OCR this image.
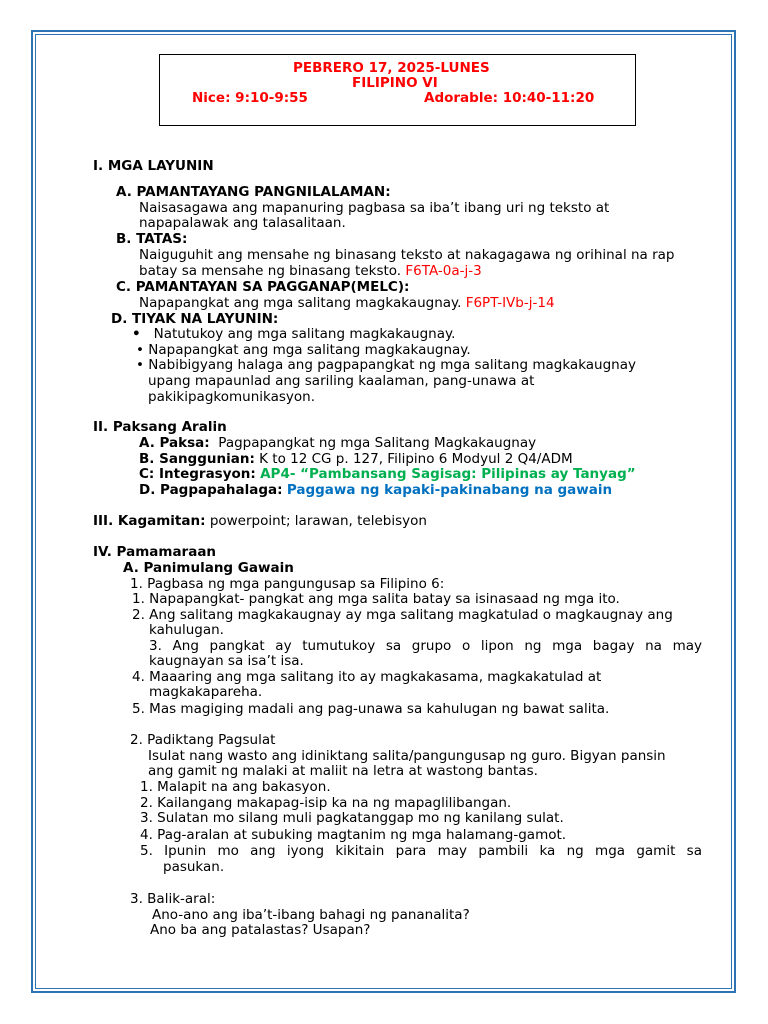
PEBRERO 17, 2025-LUNES
FILIPINO VI
Nice: 9:10-9:55	Adorable: 10:40-11:20
I. MGA LAYUNIN
A. PAMANTAYANG PANGNILALAMAN:
Naisasagawa ang mapanuring pagbasa sa iba’t ibang uri ng teksto at
napapalawak ang talasalitaan.
B. TATAS:
Naiguguhit ang mensahe ng binasang teksto at nakagagawa ng orihinal na rap
batay sa mensahe ng binasang teksto. F6TA-0a-j-3
C. PAMANTAYAN SA PAGGANAP(MELC):
Napapangkat ang mga salitang magkakaugnay. F6PT-IVb-j-14
D. TIYAK NA LAYUNIN:
• Natutukoy ang mga salitang magkakaugnay.
• Napapangkat ang mga salitang magkakaugnay.
• Nabibigyang halaga ang pagpapangkat ng mga salitang magkakaugnay
upang mapaunlad ang sariling kaalaman, pang-unawa at
pakikipagkomunikasyon.
II. Paksang Aralin
A. Paksa: Pagpapangkat ng mga Salitang Magkakaugnay
B. Sanggunian: K to 12 CG p. 127, Filipino 6 Modyul 2 Q4/ADM
C: Integrasyon: AP4- “Pambansang Sagisag: Pilipinas ay Tanyag”
D. Pagpapahalaga: Paggawa ng kapaki-pakinabang na gawain
III. Kagamitan: powerpoint; larawan, telebisyon
IV. Pamamaraan
A. Panimulang Gawain
1. Pagbasa ng mga pangungusap sa Filipino 6:
1. Napapangkat- pangkat ang mga salita batay sa isinasaad ng mga ito.
2. Ang salitang magkakaugnay ay mga salitang magkatulad o magkaugnay ang
kahulugan.
3. Ang pangkat ay tumutukoy sa grupo o lipon ng mga bagay na may
kaugnayan sa isa’t isa.
4. Maaaring ang mga salitang ito ay magkakasama, magkakatulad at
magkakapareha.
5. Mas magiging madali ang pag-unawa sa kahulugan ng bawat salita.
2. Padiktang Pagsulat
Isulat nang wasto ang idiniktang salita/pangungusap ng guro. Bigyan pansin
ang gamit ng malaki at maliit na letra at wastong bantas.
1. Malapit na ang bakasyon.
2. Kailangang makapag-isip ka na ng mapaglilibangan.
3. Sulatan mo silang muli pagkatanggap mo ng kanilang sulat.
4. Pag-aralan at subuking magtanim ng mga halamang-gamot.
5. Ipunin mo ang iyong kikitain para may pambili ka ng mga gamit sa
pasukan.
3. Balik-aral:
Ano-ano ang iba’t-ibang bahagi ng pananalita?
Ano ba ang patalastas? Usapan?
